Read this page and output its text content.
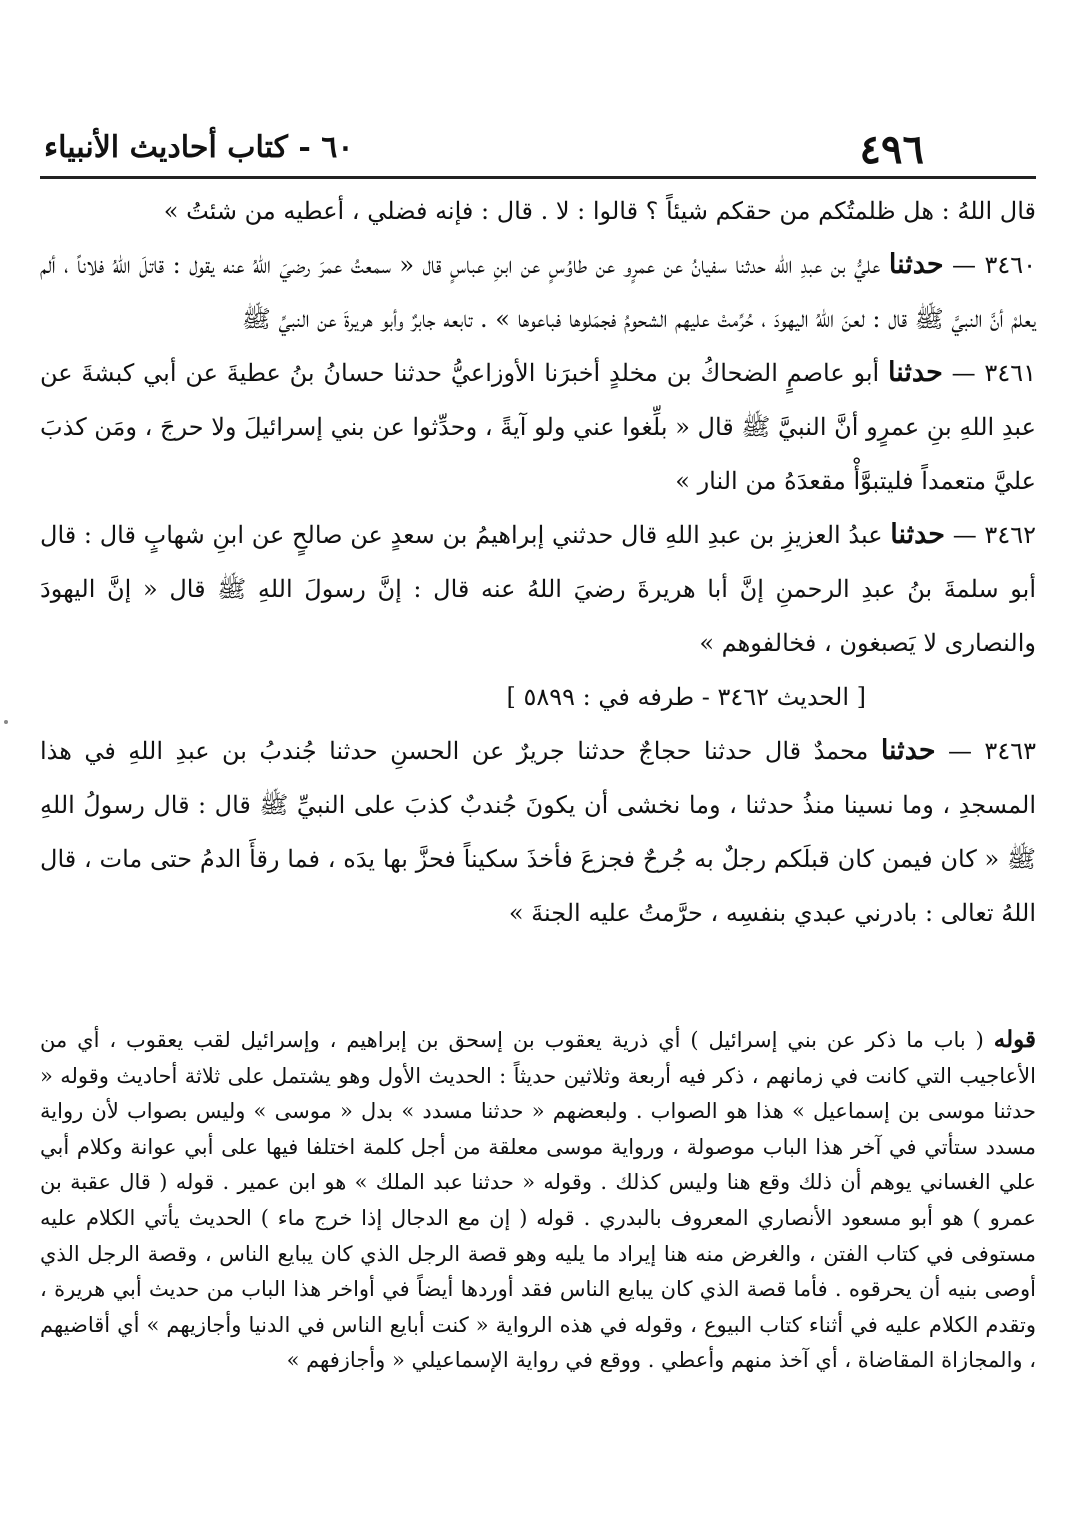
٤٩٦
٦٠ - كتاب أحاديث الأنبياء

قال اللهُ : هل ظلمتُكم من حقكم شيئاً ؟ قالوا : لا . قال : فإنه فضلي ، أعطيه من شئتُ »

٣٤٦٠ — حدثنا عليُّ بن عبدِ الله حدثنا سفيانُ عن عمرٍو عن طاوُسٍ عن ابنِ عباسٍ قال « سمعتُ عمرَ رضيَ اللهُ عنه يقول : قاتلَ اللهُ فلاناً ، ألم يعلمْ أنَّ النبيَّ ﷺ قال : لعنَ اللهُ اليهودَ ، حُرِّمتْ عليهم الشحومُ فجمَلوها فباعوها » . تابعه جابرٌ وأبو هريرةَ عن النبيِّ ﷺ

٣٤٦١ — حدثنا أبو عاصمٍ الضحاكُ بن مخلدٍ أخبرَنا الأوزاعيُّ حدثنا حسانُ بنُ عطيةَ عن أبي كبشةَ عن عبدِ اللهِ بنِ عمرٍو أنَّ النبيَّ ﷺ قال « بلِّغوا عني ولو آيةً ، وحدِّثوا عن بني إسرائيلَ ولا حرجَ ، ومَن كذبَ عليَّ متعمداً فليتبوَّأْ مقعدَهُ من النار »

٣٤٦٢ — حدثنا عبدُ العزيزِ بن عبدِ اللهِ قال حدثني إبراهيمُ بن سعدٍ عن صالحٍ عن ابنِ شهابٍ قال : قال أبو سلمةَ بنُ عبدِ الرحمنِ إنَّ أبا هريرةَ رضيَ اللهُ عنه قال : إنَّ رسولَ اللهِ ﷺ قال « إنَّ اليهودَ والنصارى لا يَصبغون ، فخالفوهم »

[ الحديث ٣٤٦٢ - طرفه في : ٥٨٩٩ ]

٣٤٦٣ — حدثنا محمدٌ قال حدثنا حجاجٌ حدثنا جريرٌ عن الحسنِ حدثنا جُندبُ بن عبدِ اللهِ في هذا المسجدِ ، وما نسينا منذُ حدثنا ، وما نخشى أن يكونَ جُندبٌ كذبَ على النبيِّ ﷺ قال : قال رسولُ اللهِ ﷺ « كان فيمن كان قبلَكم رجلٌ به جُرحٌ فجزعَ فأخذَ سكيناً فحزَّ بها يدَه ، فما رقأَ الدمُ حتى مات ، قال اللهُ تعالى : بادرني عبدي بنفسِه ، حرَّمتُ عليه الجنةَ »

قوله ( باب ما ذكر عن بني إسرائيل ) أي ذرية يعقوب بن إسحق بن إبراهيم ، وإسرائيل لقب يعقوب ، أي من الأعاجيب التي كانت في زمانهم ، ذكر فيه أربعة وثلاثين حديثاً : الحديث الأول وهو يشتمل على ثلاثة أحاديث وقوله « حدثنا موسى بن إسماعيل » هذا هو الصواب . ولبعضهم « حدثنا مسدد » بدل « موسى » وليس بصواب لأن رواية مسدد ستأتي في آخر هذا الباب موصولة ، ورواية موسى معلقة من أجل كلمة اختلفا فيها على أبي عوانة وكلام أبي علي الغساني يوهم أن ذلك وقع هنا وليس كذلك . وقوله « حدثنا عبد الملك » هو ابن عمير . قوله ( قال عقبة بن عمرو ) هو أبو مسعود الأنصاري المعروف بالبدري . قوله ( إن مع الدجال إذا خرج ماء ) الحديث يأتي الكلام عليه مستوفى في كتاب الفتن ، والغرض منه هنا إيراد ما يليه وهو قصة الرجل الذي كان يبايع الناس ، وقصة الرجل الذي أوصى بنيه أن يحرقوه . فأما قصة الذي كان يبايع الناس فقد أوردها أيضاً في أواخر هذا الباب من حديث أبي هريرة ، وتقدم الكلام عليه في أثناء كتاب البيوع ، وقوله في هذه الرواية « كنت أبايع الناس في الدنيا وأجازيهم » أي أقاضيهم ، والمجازاة المقاضاة ، أي آخذ منهم وأعطي . ووقع في رواية الإسماعيلي « وأجازفهم »
